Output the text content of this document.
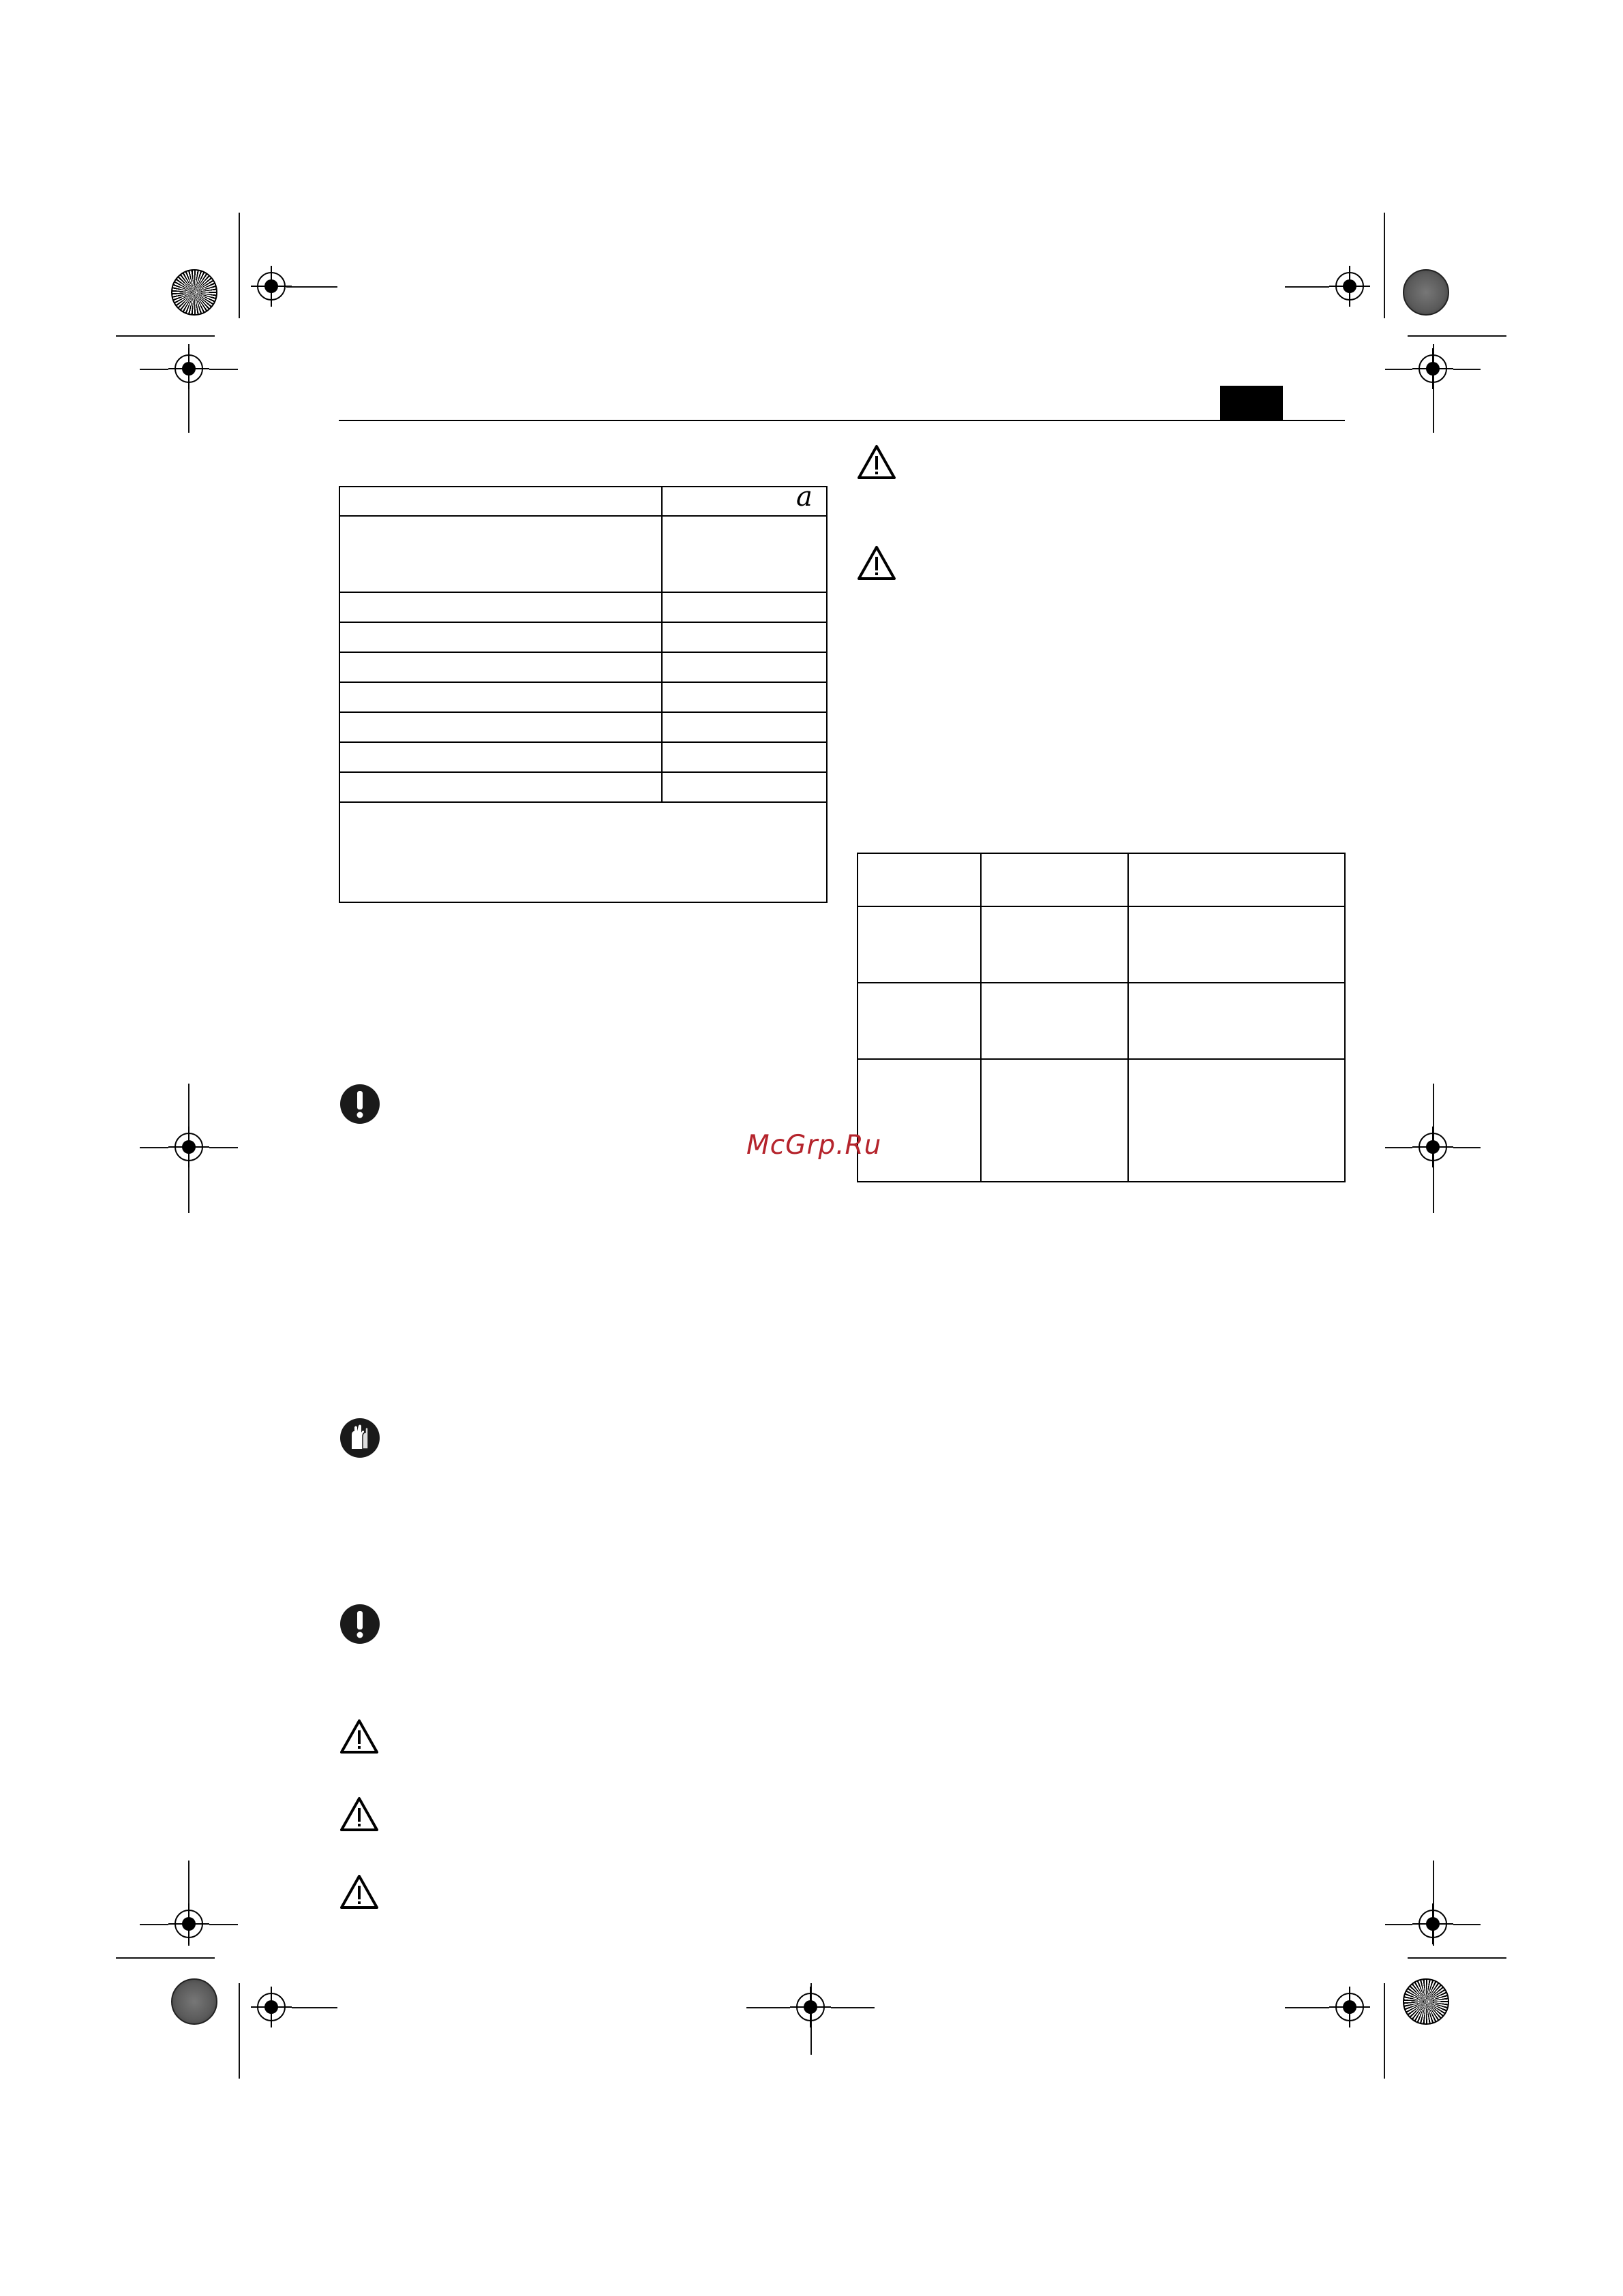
a
McGrp.Ru
